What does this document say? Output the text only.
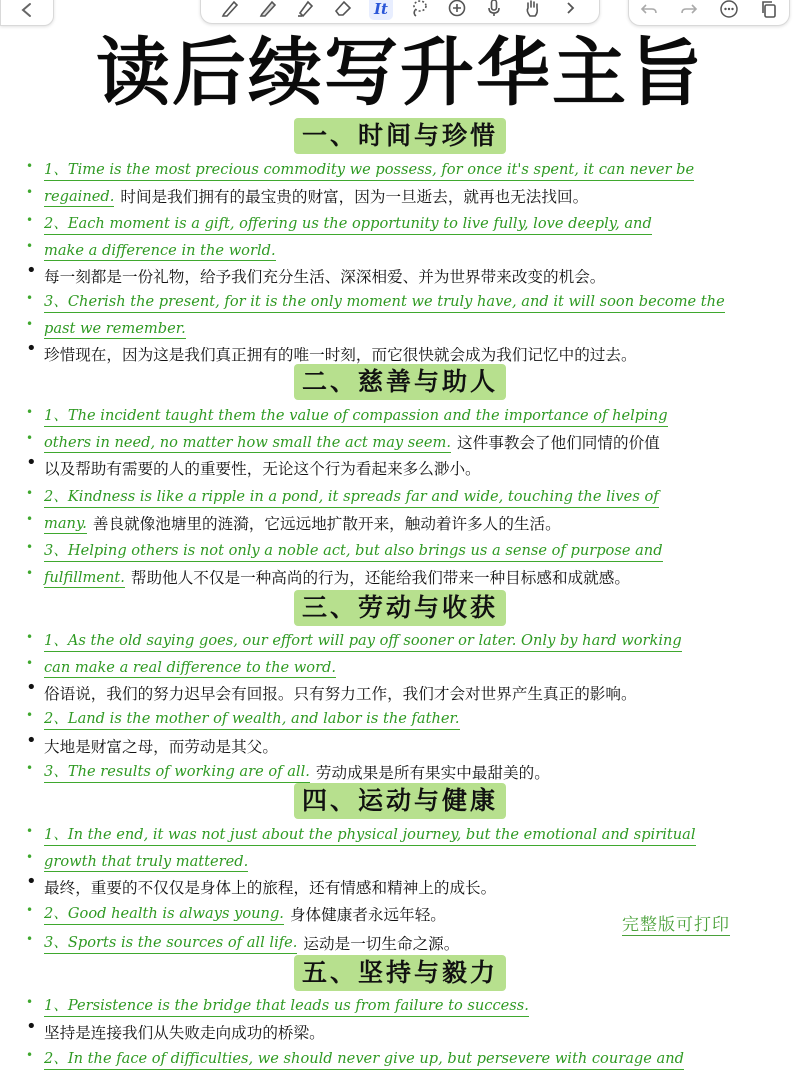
It
读后续写升华主旨
一、时间与珍惜
二、慈善与助人
三、劳动与收获
四、运动与健康
五、坚持与毅力
• 1、Time is the most precious commodity we possess, for once it's spent, it can never be
• regained. 时间是我们拥有的最宝贵的财富，因为一旦逝去，就再也无法找回。
• 2、Each moment is a gift, offering us the opportunity to live fully, love deeply, and
• make a difference in the world.
• 每一刻都是一份礼物，给予我们充分生活、深深相爱、并为世界带来改变的机会。
• 3、Cherish the present, for it is the only moment we truly have, and it will soon become the
• past we remember.
• 珍惜现在，因为这是我们真正拥有的唯一时刻，而它很快就会成为我们记忆中的过去。
• 1、The incident taught them the value of compassion and the importance of helping
• others in need, no matter how small the act may seem. 这件事教会了他们同情的价值
• 以及帮助有需要的人的重要性，无论这个行为看起来多么渺小。
• 2、Kindness is like a ripple in a pond, it spreads far and wide, touching the lives of
• many. 善良就像池塘里的涟漪，它远远地扩散开来，触动着许多人的生活。
• 3、Helping others is not only a noble act, but also brings us a sense of purpose and
• fulfillment. 帮助他人不仅是一种高尚的行为，还能给我们带来一种目标感和成就感。
• 1、As the old saying goes, our effort will pay off sooner or later. Only by hard working
• can make a real difference to the word.
• 俗语说，我们的努力迟早会有回报。只有努力工作，我们才会对世界产生真正的影响。
• 2、Land is the mother of wealth, and labor is the father.
• 大地是财富之母，而劳动是其父。
• 3、The results of working are of all. 劳动成果是所有果实中最甜美的。
• 1、In the end, it was not just about the physical journey, but the emotional and spiritual
• growth that truly mattered.
• 最终，重要的不仅仅是身体上的旅程，还有情感和精神上的成长。
• 2、Good health is always young. 身体健康者永远年轻。
• 3、Sports is the sources of all life. 运动是一切生命之源。
• 1、Persistence is the bridge that leads us from failure to success.
• 坚持是连接我们从失败走向成功的桥梁。
• 2、In the face of difficulties, we should never give up, but persevere with courage and
完整版可打印
